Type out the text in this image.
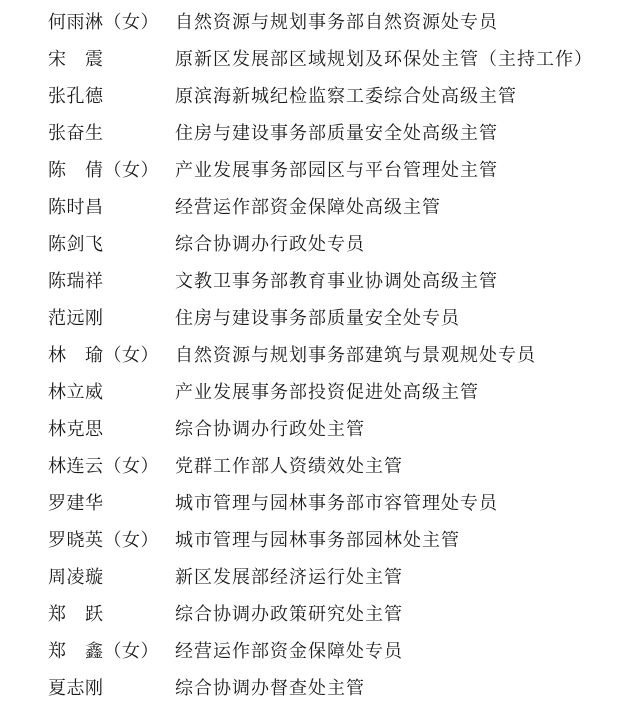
何雨淋（女） 自然资源与规划事务部自然资源处专员
宋　震	原新区发展部区域规划及环保处主管（主持工作）
张孔德	原滨海新城纪检监察工委综合处高级主管
张奋生	住房与建设事务部质量安全处高级主管
陈　倩（女） 产业发展事务部园区与平台管理处主管
陈时昌	经营运作部资金保障处高级主管
陈剑飞	综合协调办行政处专员
陈瑞祥	文教卫事务部教育事业协调处高级主管
范远刚	住房与建设事务部质量安全处专员
林　瑜（女） 自然资源与规划事务部建筑与景观规处专员
林立威	产业发展事务部投资促进处高级主管
林克思	综合协调办行政处主管
林连云（女） 党群工作部人资绩效处主管
罗建华	城市管理与园林事务部市容管理处专员
罗晓英（女） 城市管理与园林事务部园林处主管
周凌璇	新区发展部经济运行处主管
郑　跃	综合协调办政策研究处主管
郑　鑫（女） 经营运作部资金保障处专员
夏志刚	综合协调办督查处主管
